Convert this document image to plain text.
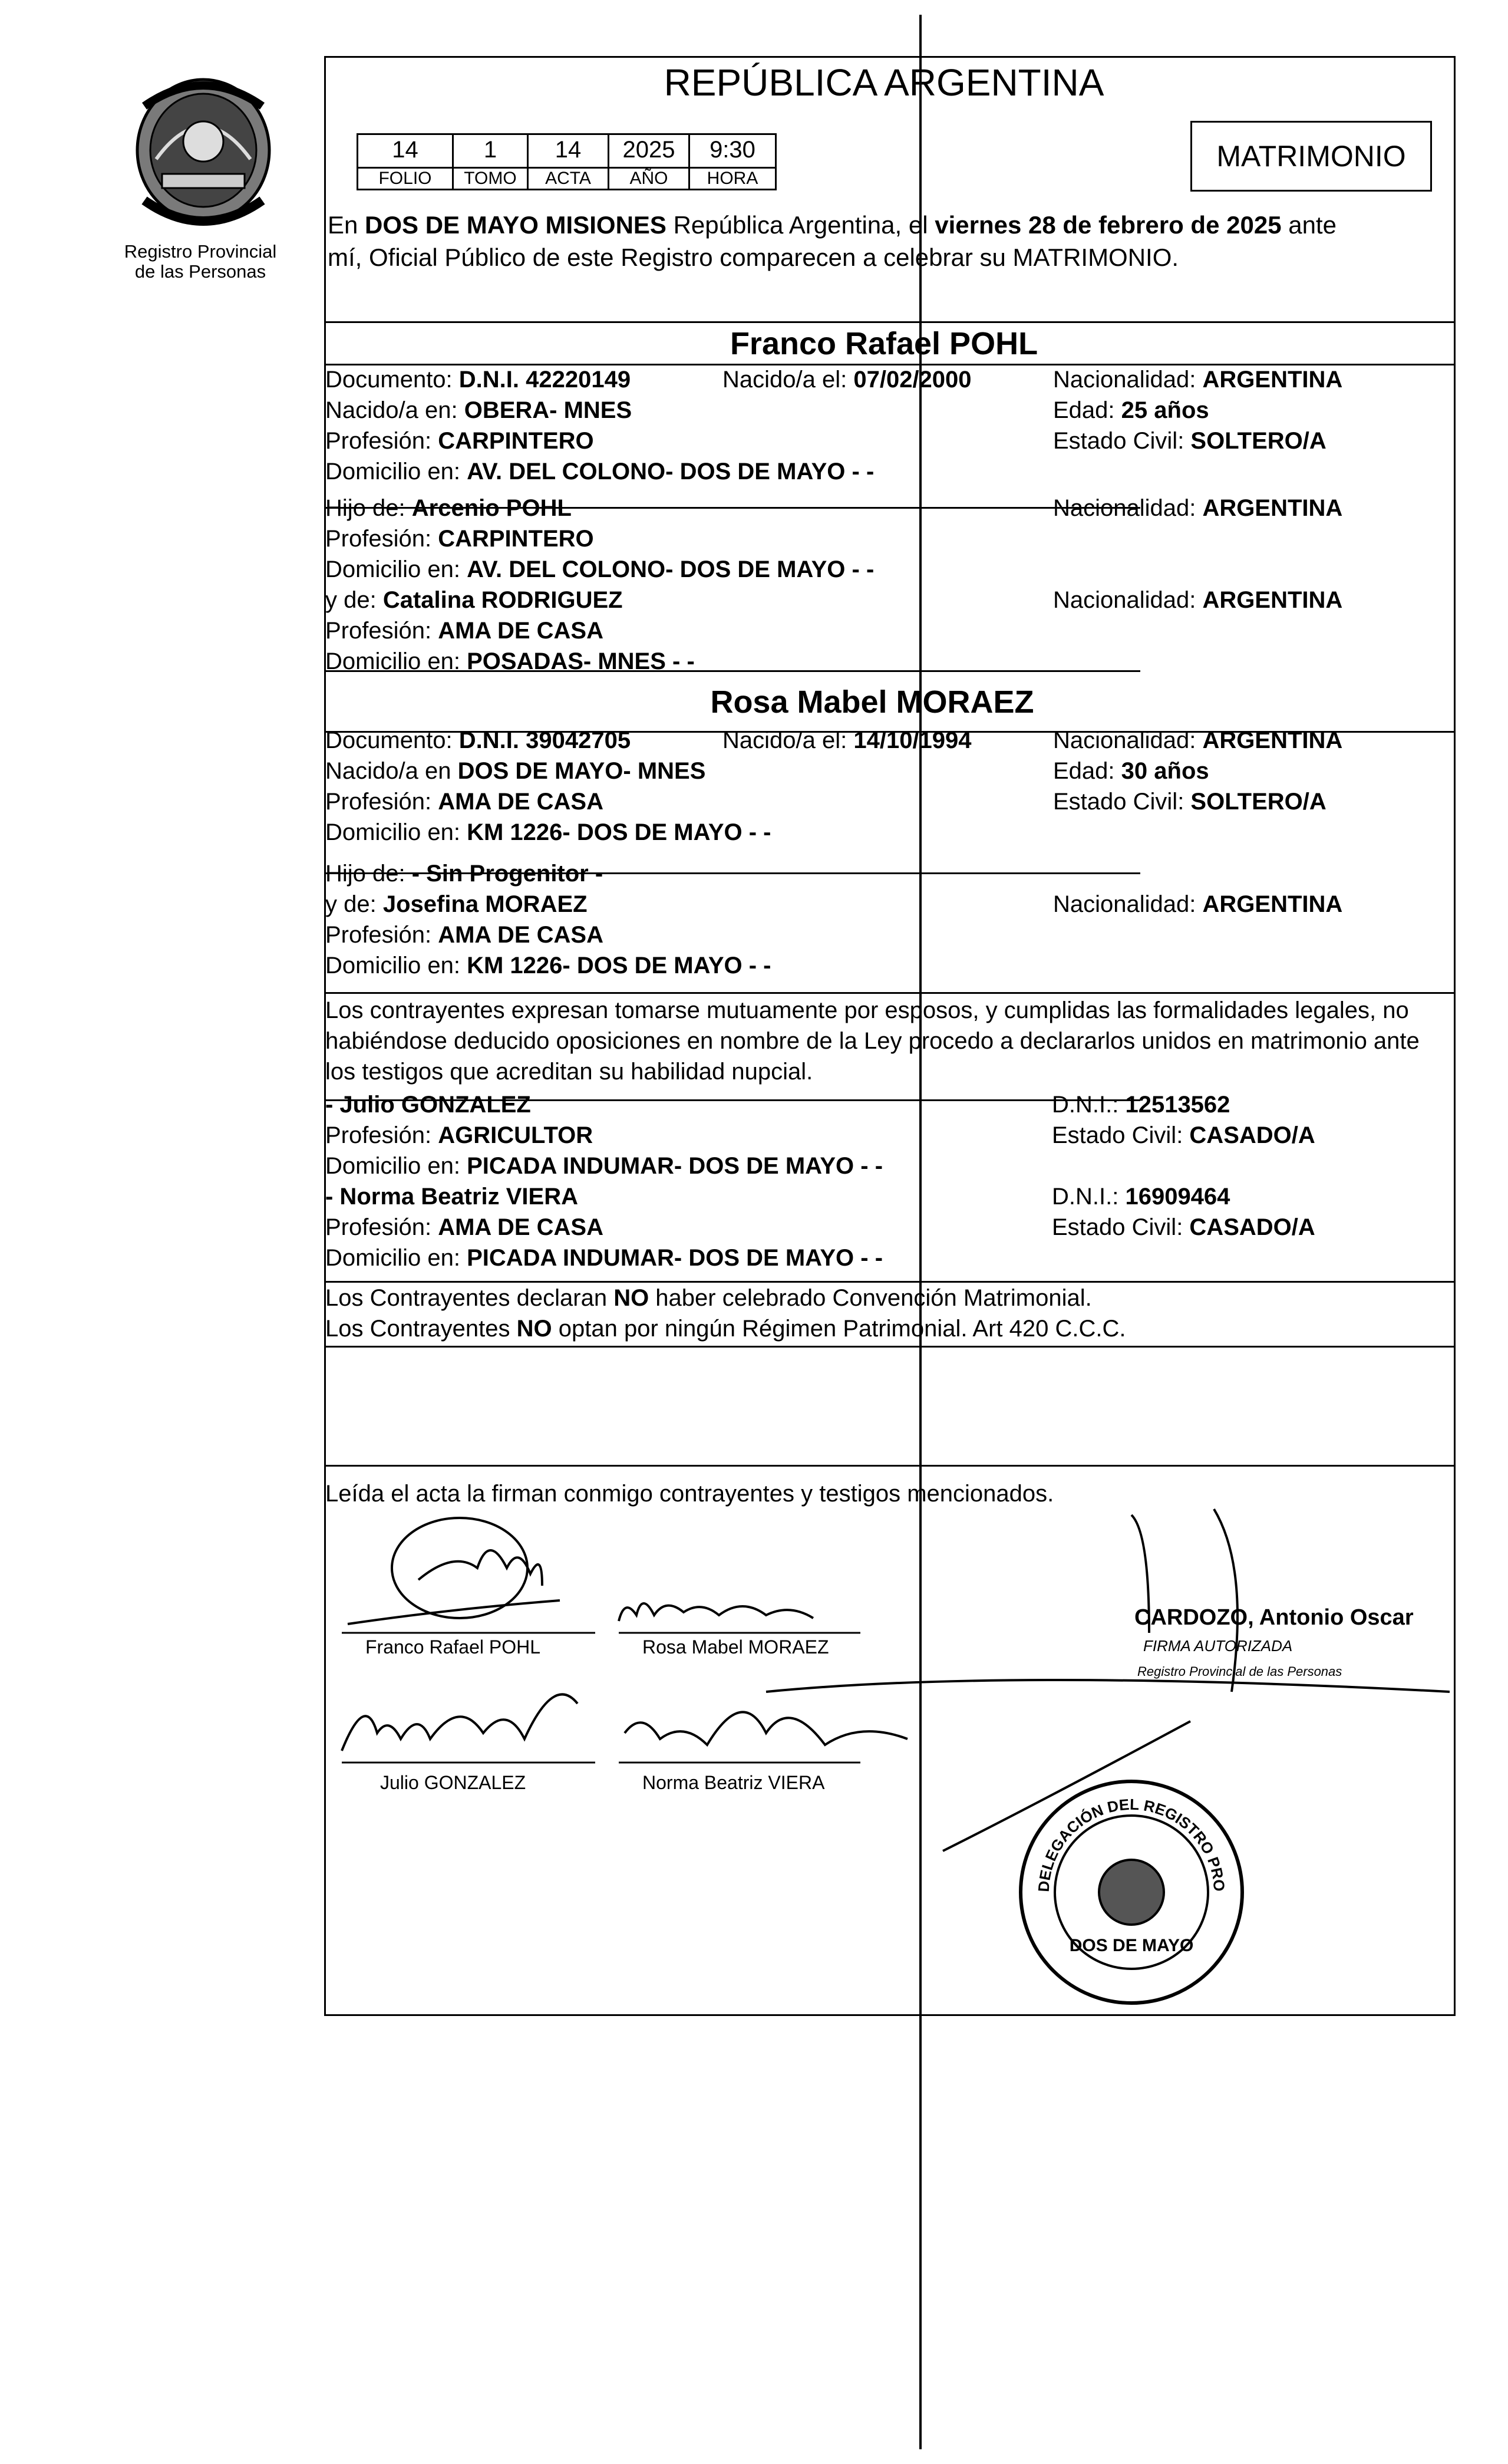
Registro Provincial
de las Personas
REPÚBLICA ARGENTINA
MATRIMONIO
14	1	14	2025	9:30
FOLIO	TOMO	ACTA	AÑO	HORA
En DOS DE MAYO MISIONES República Argentina, el viernes 28 de febrero de 2025 ante
mí, Oficial Público de este Registro comparecen a celebrar su MATRIMONIO.
Franco Rafael POHL
Documento: D.N.I. 42220149	Nacido/a el: 07/02/2000	Nacionalidad: ARGENTINA
Nacido/a en: OBERA- MNES	Edad: 25 años
Profesión: CARPINTERO	Estado Civil: SOLTERO/A
Domicilio en: AV. DEL COLONO- DOS DE MAYO - -
Hijo de: Arcenio POHL	Nacionalidad: ARGENTINA
Profesión: CARPINTERO
Domicilio en: AV. DEL COLONO- DOS DE MAYO - -
y de: Catalina RODRIGUEZ	Nacionalidad: ARGENTINA
Profesión: AMA DE CASA
Domicilio en: POSADAS- MNES - -
Rosa Mabel MORAEZ
Documento: D.N.I. 39042705	Nacido/a el: 14/10/1994	Nacionalidad: ARGENTINA
Nacido/a en DOS DE MAYO- MNES	Edad: 30 años
Profesión: AMA DE CASA	Estado Civil: SOLTERO/A
Domicilio en: KM 1226- DOS DE MAYO - -
Hijo de: - Sin Progenitor -
y de: Josefina MORAEZ	Nacionalidad: ARGENTINA
Profesión: AMA DE CASA
Domicilio en: KM 1226- DOS DE MAYO - -
Los contrayentes expresan tomarse mutuamente por esposos, y cumplidas las formalidades legales, no
habiéndose deducido oposiciones en nombre de la Ley procedo a declararlos unidos en matrimonio ante
los testigos que acreditan su habilidad nupcial.
- Julio GONZALEZ	D.N.I.: 12513562
Profesión: AGRICULTOR	Estado Civil: CASADO/A
Domicilio en: PICADA INDUMAR- DOS DE MAYO - -
- Norma Beatriz VIERA	D.N.I.: 16909464
Profesión: AMA DE CASA	Estado Civil: CASADO/A
Domicilio en: PICADA INDUMAR- DOS DE MAYO - -
Los Contrayentes declaran NO haber celebrado Convención Matrimonial.
Los Contrayentes NO optan por ningún Régimen Patrimonial. Art 420 C.C.C.
Leída el acta la firman conmigo contrayentes y testigos mencionados.
Franco Rafael POHL	Rosa Mabel MORAEZ
Julio GONZALEZ	Norma Beatriz VIERA
CARDOZO, Antonio Oscar
FIRMA AUTORIZADA
Registro Provincial de las Personas
DELEGACIÓN DEL REGISTRO PRO
DOS DE MAYO
